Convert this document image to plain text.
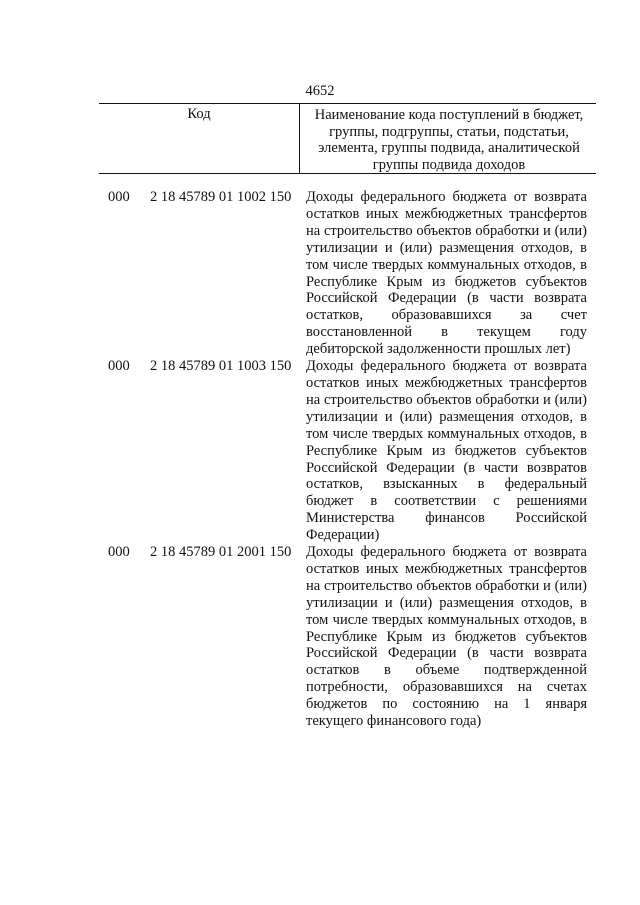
4652
Код	Наименование кода поступлений в бюджет, группы, подгруппы, статьи, подстатьи, элемента, группы подвида, аналитической группы подвида доходов
000 2 18 45789 01 1002 150 Доходы федерального бюджета от возврата остатков иных межбюджетных трансфертов на строительство объектов обработки и (или) утилизации и (или) размещения отходов, в том числе твердых коммунальных отходов, в Республике Крым из бюджетов субъектов Российской Федерации (в части возврата остатков, образовавшихся за счет восстановленной в текущем году дебиторской задолженности прошлых лет)
000 2 18 45789 01 1003 150 Доходы федерального бюджета от возврата остатков иных межбюджетных трансфертов на строительство объектов обработки и (или) утилизации и (или) размещения отходов, в том числе твердых коммунальных отходов, в Республике Крым из бюджетов субъектов Российской Федерации (в части возвратов остатков, взысканных в федеральный бюджет в соответствии с решениями Министерства финансов Российской Федерации)
000 2 18 45789 01 2001 150 Доходы федерального бюджета от возврата остатков иных межбюджетных трансфертов на строительство объектов обработки и (или) утилизации и (или) размещения отходов, в том числе твердых коммунальных отходов, в Республике Крым из бюджетов субъектов Российской Федерации (в части возврата остатков в объеме подтвержденной потребности, образовавшихся на счетах бюджетов по состоянию на 1 января текущего финансового года)
